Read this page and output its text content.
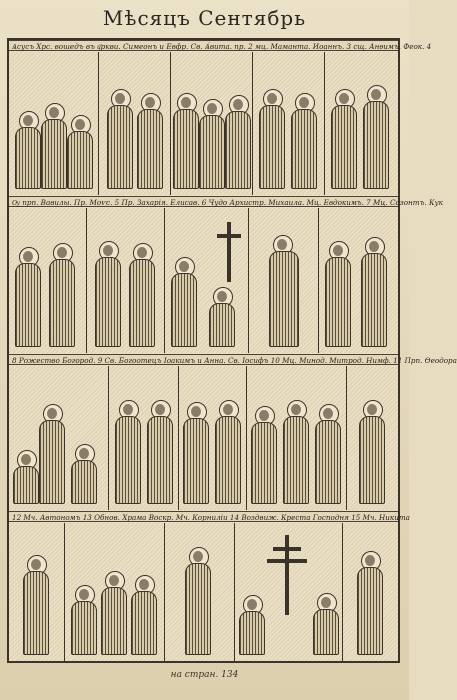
Мѣсяцъ Сентябрь
Ѧсусъ Хрс. вошедъ въ ц҃ркви. Симеонъ и Евфр. Св. Ѧ́вита. пр. 2 мц. Маманта. Иоаннъ. 3 сщ. Анѳимъ. Феок. 4
Ѹ прп. Вавилы. Пр. Моѵс. 5 Пр. Захарія. Елисав. 6 Чудо Архистр. Михаила. Мц. Евдокимъ. 7 Мц. Созонтъ. Кук
8 Рожество Богород. 9 Св. Богоотецъ Іоакимъ и Анна. Св. Іосифъ 10 Мц. Минод. Митрод. Нимф. 11 Прп. Ѳеодора
12 Мч. Автономъ 13 Обнов. Храма Воскр. Мч. Корниліи 14 Воздвиж. Креста Господня 15 Мч. Никита
на стран. 134
